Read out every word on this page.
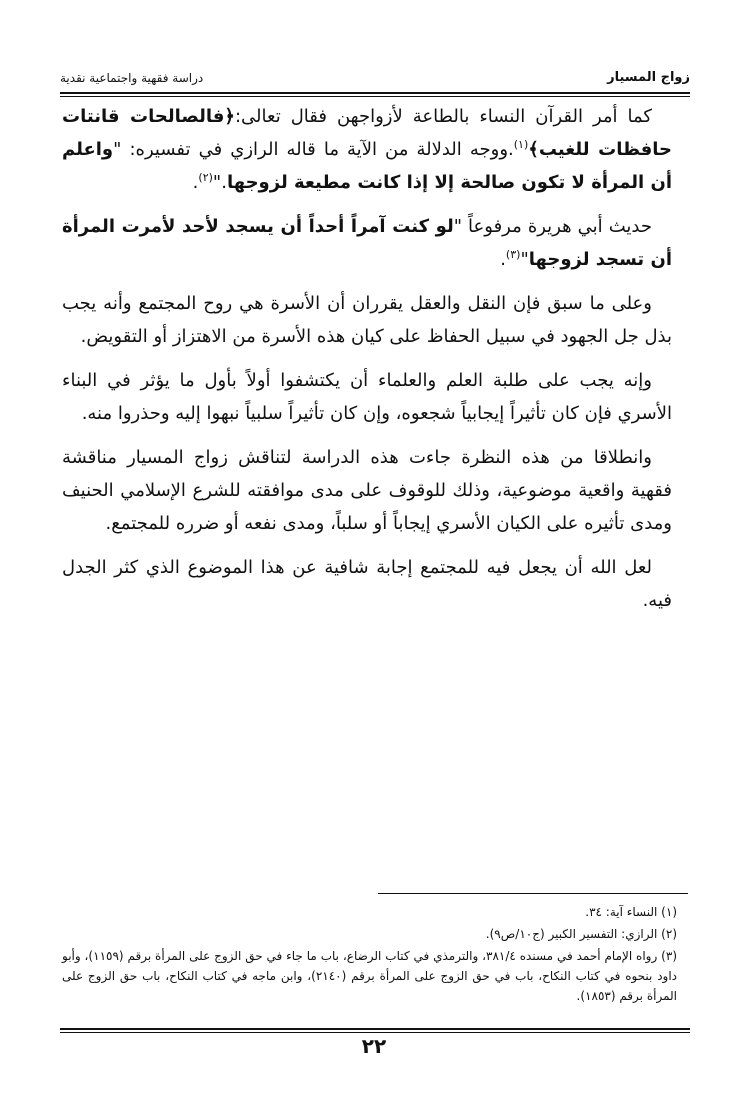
زواج المسيار
دراسة فقهية واجتماعية نقدية

كما أمر القرآن النساء بالطاعة لأزواجهن فقال تعالى:﴿فالصالحات قانتات حافظات للغيب﴾$^{(١)}$.ووجه الدلالة من الآية ما قاله الرازي في تفسيره: "واعلم أن المرأة لا تكون صالحة إلا إذا كانت مطيعة لزوجها."$^{(٢)}$.

حديث أبي هريرة مرفوعاً "لو كنت آمراً أحداً أن يسجد لأحد لأمرت المرأة أن تسجد لزوجها"$^{(٣)}$.

وعلى ما سبق فإن النقل والعقل يقرران أن الأسرة هي روح المجتمع وأنه يجب بذل جل الجهود في سبيل الحفاظ على كيان هذه الأسرة من الاهتزاز أو التقويض.

وإنه يجب على طلبة العلم والعلماء أن يكتشفوا أولاً بأول ما يؤثر في البناء الأسري فإن كان تأثيراً إيجابياً شجعوه، وإن كان تأثيراً سلبياً نبهوا إليه وحذروا منه.

وانطلاقا من هذه النظرة جاءت هذه الدراسة لتناقش زواج المسيار مناقشة فقهية واقعية موضوعية، وذلك للوقوف على مدى موافقته للشرع الإسلامي الحنيف ومدى تأثيره على الكيان الأسري إيجاباً أو سلباً، ومدى نفعه أو ضرره للمجتمع.

لعل الله أن يجعل فيه للمجتمع إجابة شافية عن هذا الموضوع الذي كثر الجدل فيه.

(١) النساء آية: ٣٤.
(٢) الرازي: التفسير الكبير (ج١٠/ص٩).
(٣) رواه الإمام أحمد في مسنده ٣٨١/٤، والترمذي في كتاب الرضاع، باب ما جاء في حق الزوج على المرأة برقم (١١٥٩)، وأبو داود بنحوه في كتاب النكاح، باب في حق الزوج على المرأة برقم (٢١٤٠)، وابن ماجه في كتاب النكاح، باب حق الزوج على المرأة برقم (١٨٥٣).
٢٢
